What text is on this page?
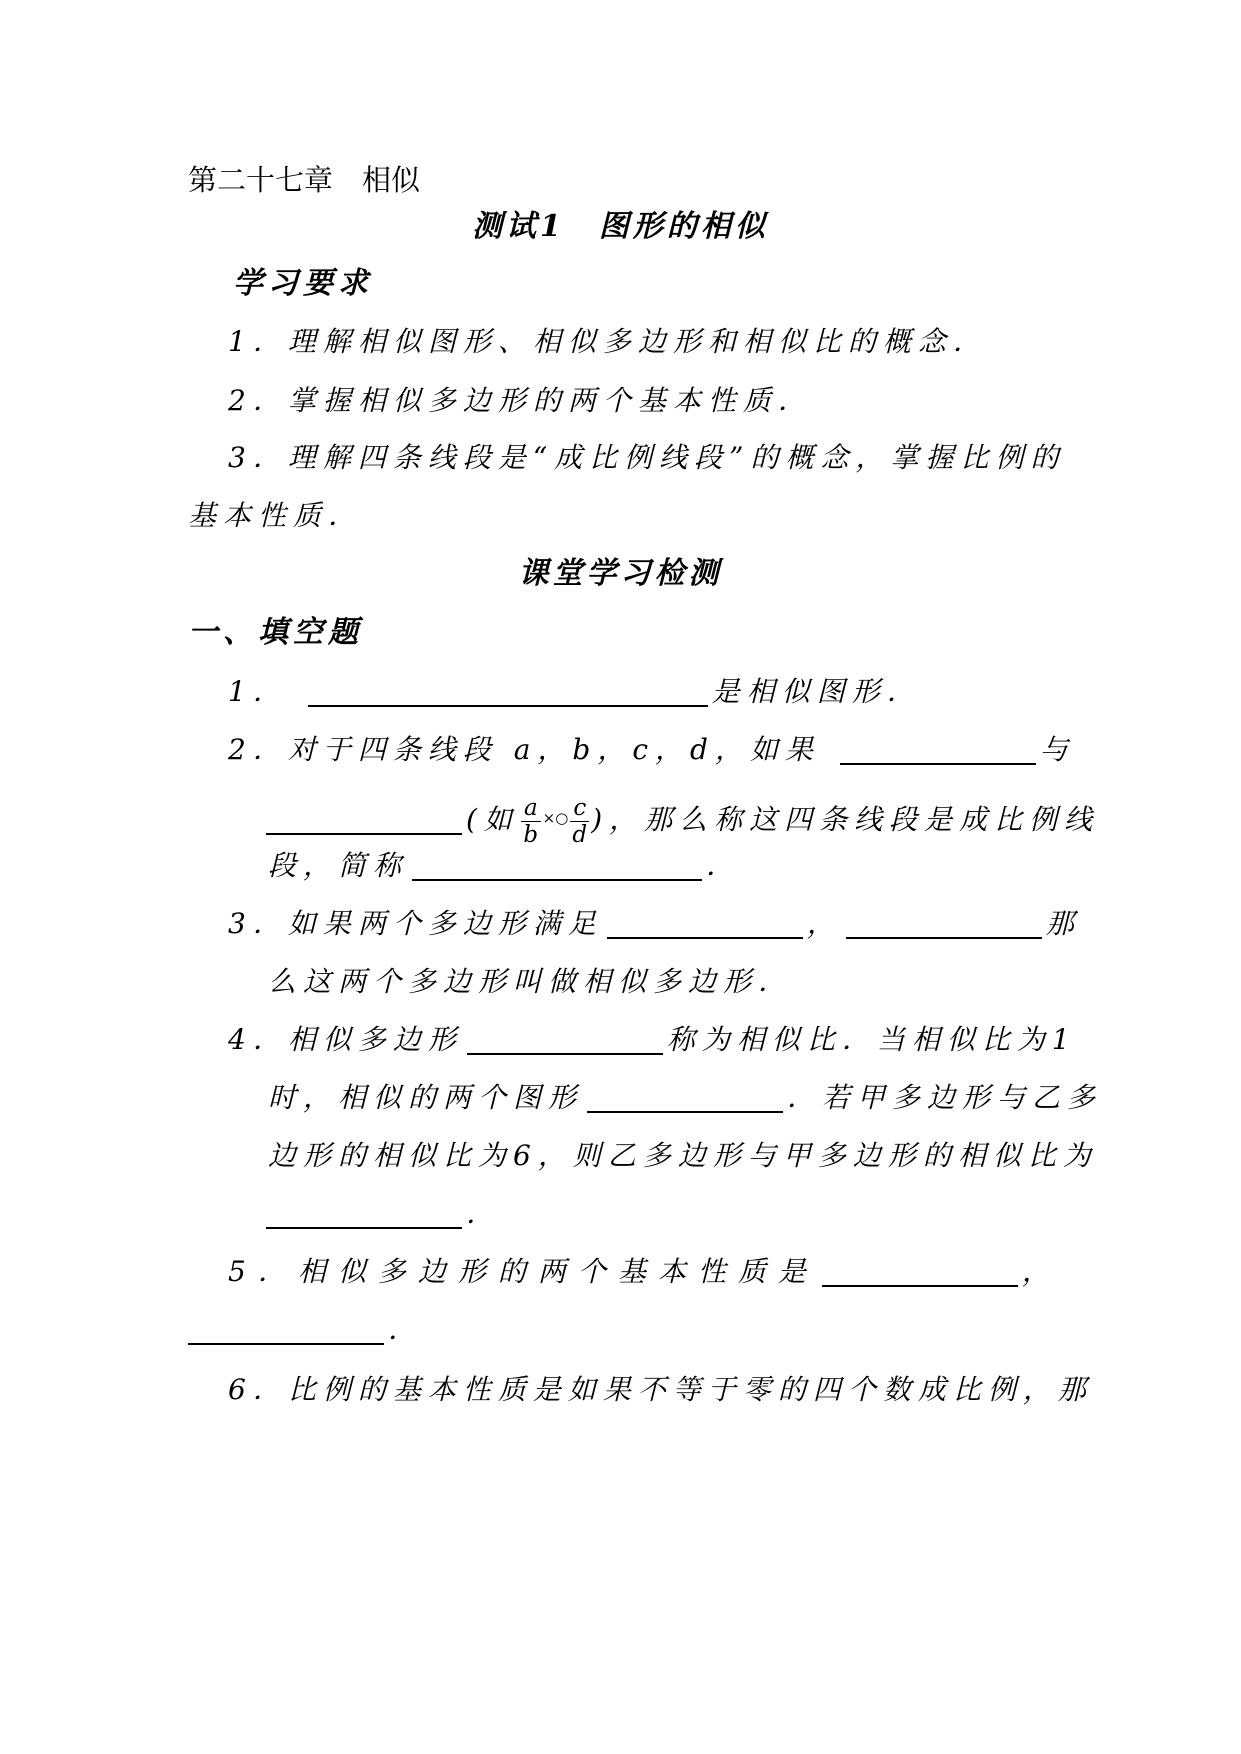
第二十七章　相似
测试1　图形的相似
学习要求
1．理解相似图形、相似多边形和相似比的概念．
2．掌握相似多边形的两个基本性质．
3．理解四条线段是“成比例线段”的概念，掌握比例的
基本性质．
课堂学习检测
一、填空题
1．	是相似图形．
2．对于四条线段 a，b，c，d，如果	与
(如 $\frac{a}{b} ^{\times○} \frac{c}{d}$ )，那么称这四条线段是成比例线
段，简称	．
3．如果两个多边形满足	，	那
么这两个多边形叫做相似多边形．
4．相似多边形	称为相似比．当相似比为1
时，相似的两个图形	．若甲多边形与乙多
边形的相似比为6，则乙多边形与甲多边形的相似比为
．
5．相似多边形的两个基本性质是	，
．
6．比例的基本性质是如果不等于零的四个数成比例，那
